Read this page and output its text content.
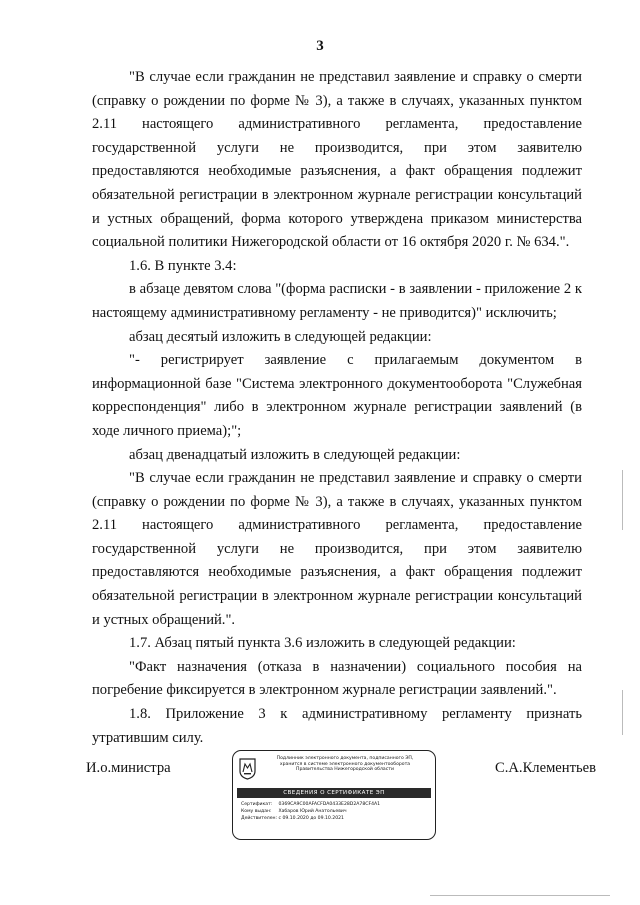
3

"В случае если гражданин не представил заявление и справку о смерти (справку о рождении по форме № 3), а также в случаях, указанных пунктом 2.11 настоящего административного регламента, предоставление государственной услуги не производится, при этом заявителю предоставляются необходимые разъяснения, а факт обращения подлежит обязательной регистрации в электронном журнале регистрации консультаций и устных обращений, форма которого утверждена приказом министерства социальной политики Нижегородской области от 16 октября 2020 г. № 634.".

1.6. В пункте 3.4:

в абзаце девятом слова "(форма расписки - в заявлении - приложение 2 к настоящему административному регламенту - не приводится)" исключить;

абзац десятый изложить в следующей редакции:

"- регистрирует заявление с прилагаемым документом в информационной базе "Система электронного документооборота "Служебная корреспонденция" либо в электронном журнале регистрации заявлений (в ходе личного приема);";

абзац двенадцатый изложить в следующей редакции:

"В случае если гражданин не представил заявление и справку о смерти (справку о рождении по форме № 3), а также в случаях, указанных пунктом 2.11 настоящего административного регламента, предоставление государственной услуги не производится, при этом заявителю предоставляются необходимые разъяснения, а факт обращения подлежит обязательной регистрации в электронном журнале регистрации консультаций и устных обращений.".

1.7. Абзац пятый пункта 3.6 изложить в следующей редакции:

"Факт назначения (отказа в назначении) социального пособия на погребение фиксируется в электронном журнале регистрации заявлений.".

1.8. Приложение 3 к административному регламенту признать утратившим силу.

И.о.министра
Подлинник электронного документа, подписанного ЭП,
хранится в системе электронного документооборота
Правительства Нижегородской области
СВЕДЕНИЯ О СЕРТИФИКАТЕ ЭП
Сертификат: 0369CA9C00AFACFDA0433E28D2A78CF4A1
Кому выдан: Хабаров Юрий Анатольевич
Действителен: с 09.10.2020 до 09.10.2021
С.А.Клементьев
